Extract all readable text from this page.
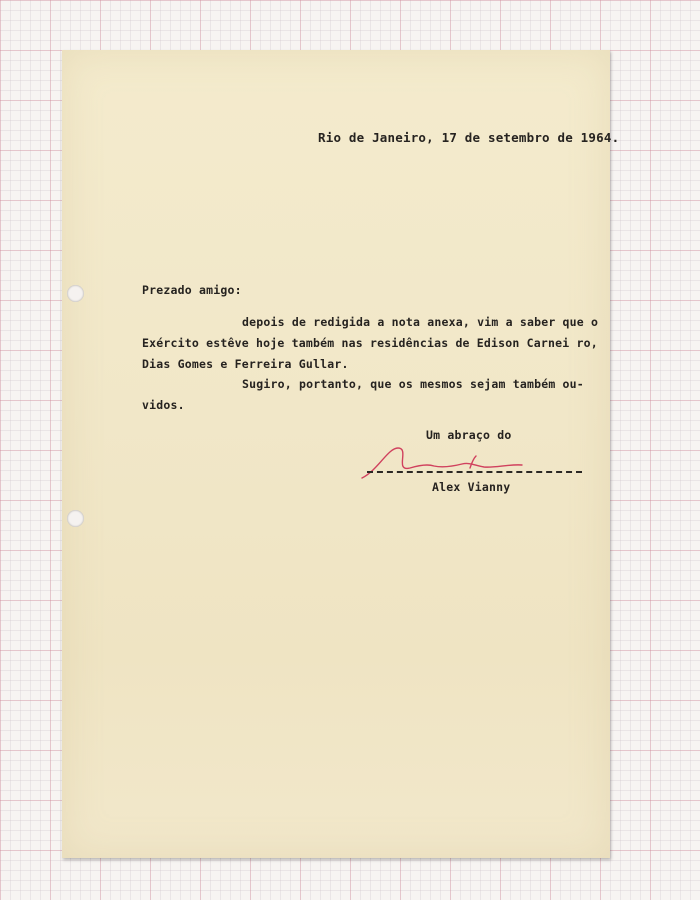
Rio de Janeiro, 17 de setembro de 1964.
Prezado amigo:
depois de redigida a nota anexa, vim a saber que o Exército estêve hoje também nas residências de Edison Carnei ro, Dias Gomes e Ferreira Gullar.
Sugiro, portanto, que os mesmos sejam também ou- vidos.
Um abraço do
Alex Vianny
